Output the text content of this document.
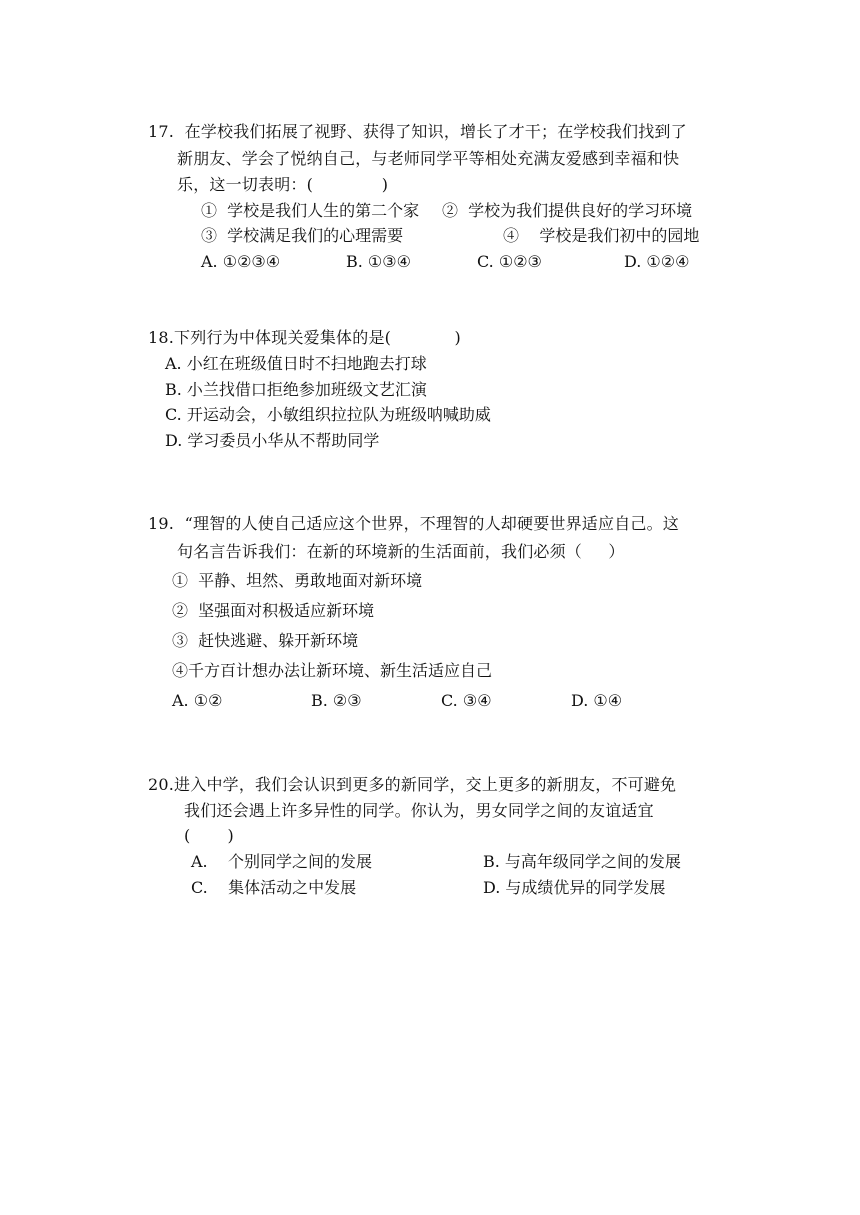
17.  在学校我们拓展了视野、获得了知识，增长了才干；在学校我们找到了
新朋友、学会了悦纳自己，与老师同学平等相处充满友爱感到幸福和快
乐，这一切表明：(             )
①  学校是我们人生的第二个家 ②  学校为我们提供良好的学习环境
③  学校满足我们的心理需要	④    学校是我们初中的园地
A. ①②③④	B. ①③④	C. ①②③	D. ①②④
18.下列行为中体现关爱集体的是(            )
A. 小红在班级值日时不扫地跑去打球
B. 小兰找借口拒绝参加班级文艺汇演
C. 开运动会，小敏组织拉拉队为班级呐喊助威
D. 学习委员小华从不帮助同学
19.  “理智的人使自己适应这个世界，不理智的人却硬要世界适应自己。这
句名言告诉我们：在新的环境新的生活面前，我们必须（     ）
①  平静、坦然、勇敢地面对新环境
②  坚强面对积极适应新环境
③  赶快逃避、躲开新环境
④千方百计想办法让新环境、新生活适应自己
A. ①②	B. ②③	C. ③④	D. ①④
20.进入中学，我们会认识到更多的新同学，交上更多的新朋友，不可避免
我们还会遇上许多异性的同学。你认为，男女同学之间的友谊适宜
(       )
A.    个别同学之间的发展	B. 与高年级同学之间的发展
C.    集体活动之中发展	D. 与成绩优异的同学发展
